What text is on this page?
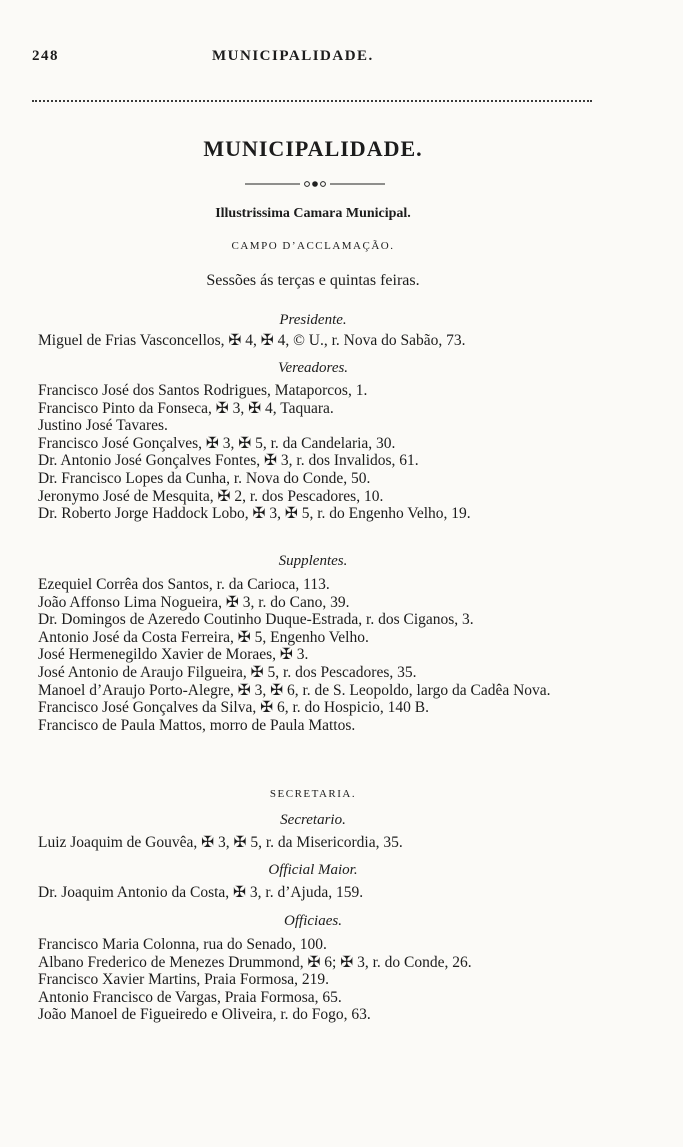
248	MUNICIPALIDADE.
MUNICIPALIDADE.
Illustrissima Camara Municipal.
CAMPO D’ACCLAMAÇÃO.
Sessões ás terças e quintas feiras.
Presidente.
Miguel de Frias Vasconcellos, ✠ 4, ✠ 4, © U., r. Nova do Sabão, 73.
Vereadores.
Francisco José dos Santos Rodrigues, Mataporcos, 1.
Francisco Pinto da Fonseca, ✠ 3, ✠ 4, Taquara.
Justino José Tavares.
Francisco José Gonçalves, ✠ 3, ✠ 5, r. da Candelaria, 30.
Dr. Antonio José Gonçalves Fontes, ✠ 3, r. dos Invalidos, 61.
Dr. Francisco Lopes da Cunha, r. Nova do Conde, 50.
Jeronymo José de Mesquita, ✠ 2, r. dos Pescadores, 10.
Dr. Roberto Jorge Haddock Lobo, ✠ 3, ✠ 5, r. do Engenho Velho, 19.
Supplentes.
Ezequiel Corrêa dos Santos, r. da Carioca, 113.
João Affonso Lima Nogueira, ✠ 3, r. do Cano, 39.
Dr. Domingos de Azeredo Coutinho Duque-Estrada, r. dos Ciganos, 3.
Antonio José da Costa Ferreira, ✠ 5, Engenho Velho.
José Hermenegildo Xavier de Moraes, ✠ 3.
José Antonio de Araujo Filgueira, ✠ 5, r. dos Pescadores, 35.
Manoel d’Araujo Porto-Alegre, ✠ 3, ✠ 6, r. de S. Leopoldo, largo da Cadêa Nova.
Francisco José Gonçalves da Silva, ✠ 6, r. do Hospicio, 140 B.
Francisco de Paula Mattos, morro de Paula Mattos.
SECRETARIA.
Secretario.
Luiz Joaquim de Gouvêa, ✠ 3, ✠ 5, r. da Misericordia, 35.
Official Maior.
Dr. Joaquim Antonio da Costa, ✠ 3, r. d’Ajuda, 159.
Officiaes.
Francisco Maria Colonna, rua do Senado, 100.
Albano Frederico de Menezes Drummond, ✠ 6; ✠ 3, r. do Conde, 26.
Francisco Xavier Martins, Praia Formosa, 219.
Antonio Francisco de Vargas, Praia Formosa, 65.
João Manoel de Figueiredo e Oliveira, r. do Fogo, 63.
